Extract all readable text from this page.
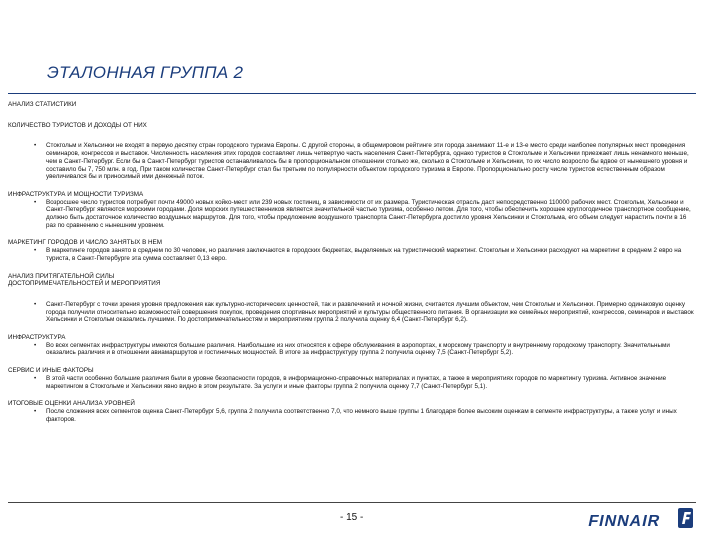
ЭТАЛОННАЯ ГРУППА 2
АНАЛИЗ СТАТИСТИКИ
КОЛИЧЕСТВО ТУРИСТОВ И ДОХОДЫ ОТ НИХ
•	Стокгольм и Хельсинки не входят в первую десятку стран городского туризма Европы. С другой стороны, в общемировом рейтинге эти города занимают 11-е и 13-е место среди наиболее популярных мест проведения семинаров, конгрессов и выставок. Численность населения этих городов составляет лишь четвертую часть населения Санкт-Петербурга, однако туристов в Стокгольме и Хельсинки приезжает лишь ненамного меньше, чем в Санкт-Петербург. Если бы в Санкт-Петербург туристов останавливалось бы в пропорциональном отношении столько же, сколько в Стокгольме и Хельсинки, то их число возросло бы вдвое от нынешнего уровня и составило бы 7, 750 млн. в год. При таком количестве Санкт-Петербург стал бы третьим по популярности объектом городского туризма в Европе. Пропорционально росту числе туристов естественным образом увеличивался бы и приносимый ими денежный поток.
ИНФРАСТРУКТУРА И МОЩНОСТИ ТУРИЗМА
•	Возросшее число туристов потребует почти 49000 новых койко-мест или 239 новых гостиниц, в зависимости от их размера. Туристическая отрасль даст непосредственно 110000 рабочих мест. Стокгольм, Хельсинки и Санкт-Петербург являются морскими городами. Доля морских путешественников является значительной частью туризма, особенно летом. Для того, чтобы обеспечить хорошее круглогодичное транспортное сообщение, должно быть достаточное количество воздушных маршрутов. Для того, чтобы предложение воздушного транспорта Санкт-Петербурга достигло уровня Хельсинки и Стокгольма, его объем следует нарастить почти в 16 раз по сравнению с нынешним уровнем.
МАРКЕТИНГ ГОРОДОВ И ЧИСЛО ЗАНЯТЫХ В НЕМ
•	В маркетинге городов занято в среднем по 30 человек, но различия заключаются в городских бюджетах, выделяемых на туристический маркетинг. Стокгольм и Хельсинки расходуют на маркетинг в среднем 2 евро на туриста, в Санкт-Петербурге эта сумма составляет 0,13 евро.
АНАЛИЗ ПРИТЯГАТЕЛЬНОЙ СИЛЫ
ДОСТОПРИМЕЧАТЕЛЬНОСТЕЙ И МЕРОПРИЯТИЯ
•	Санкт-Петербург с точки зрения уровня предложения как культурно-исторических ценностей, так и развлечений и ночной жизни, считается лучшим объектом, чем Стокгольм и Хельсинки. Примерно одинаковую оценку города получили относительно возможностей совершения покупок, проведения спортивных мероприятий и культуры общественного питания. В организации же семейных мероприятий, конгрессов, семинаров и выставок Хельсинки и Стокгольм оказались лучшими. По достопримечательностям и мероприятиям группа 2 получила оценку 6,4 (Санкт-Петербург 6,2).
ИНФРАСТРУКТУРА
•	Во всех сегментах инфраструктуры имеются большие различия. Наибольшие из них относятся к сфере обслуживания в аэропортах, к морскому транспорту и внутреннему городскому транспорту. Значительными оказались различия и в отношении авиамаршрутов и гостиничных мощностей. В итоге за инфраструктуру группа 2 получила оценку 7,5 (Санкт-Петербург 5,2).
СЕРВИС И ИНЫЕ ФАКТОРЫ
•	В этой части особенно большие различия были в уровне безопасности городов, в информационно-справочных материалах и пунктах, а также в мероприятиях городов по маркетингу туризма. Активное значение маркетингом в Стокгольме и Хельсинки явно видно в этом результате. За услуги и иные факторы группа 2 получила оценку 7,7 (Санкт-Петербург 5,1).
ИТОГОВЫЕ ОЦЕНКИ АНАЛИЗА УРОВНЕЙ
•	После сложения всех сегментов оценка Санкт-Петербург 5,6, группа 2 получила соответственно 7,0, что немного выше группы 1 благодаря более высоким оценкам в сегменте инфраструктуры, а также услуг и иных факторов.
- 15 -	FINNAIR
